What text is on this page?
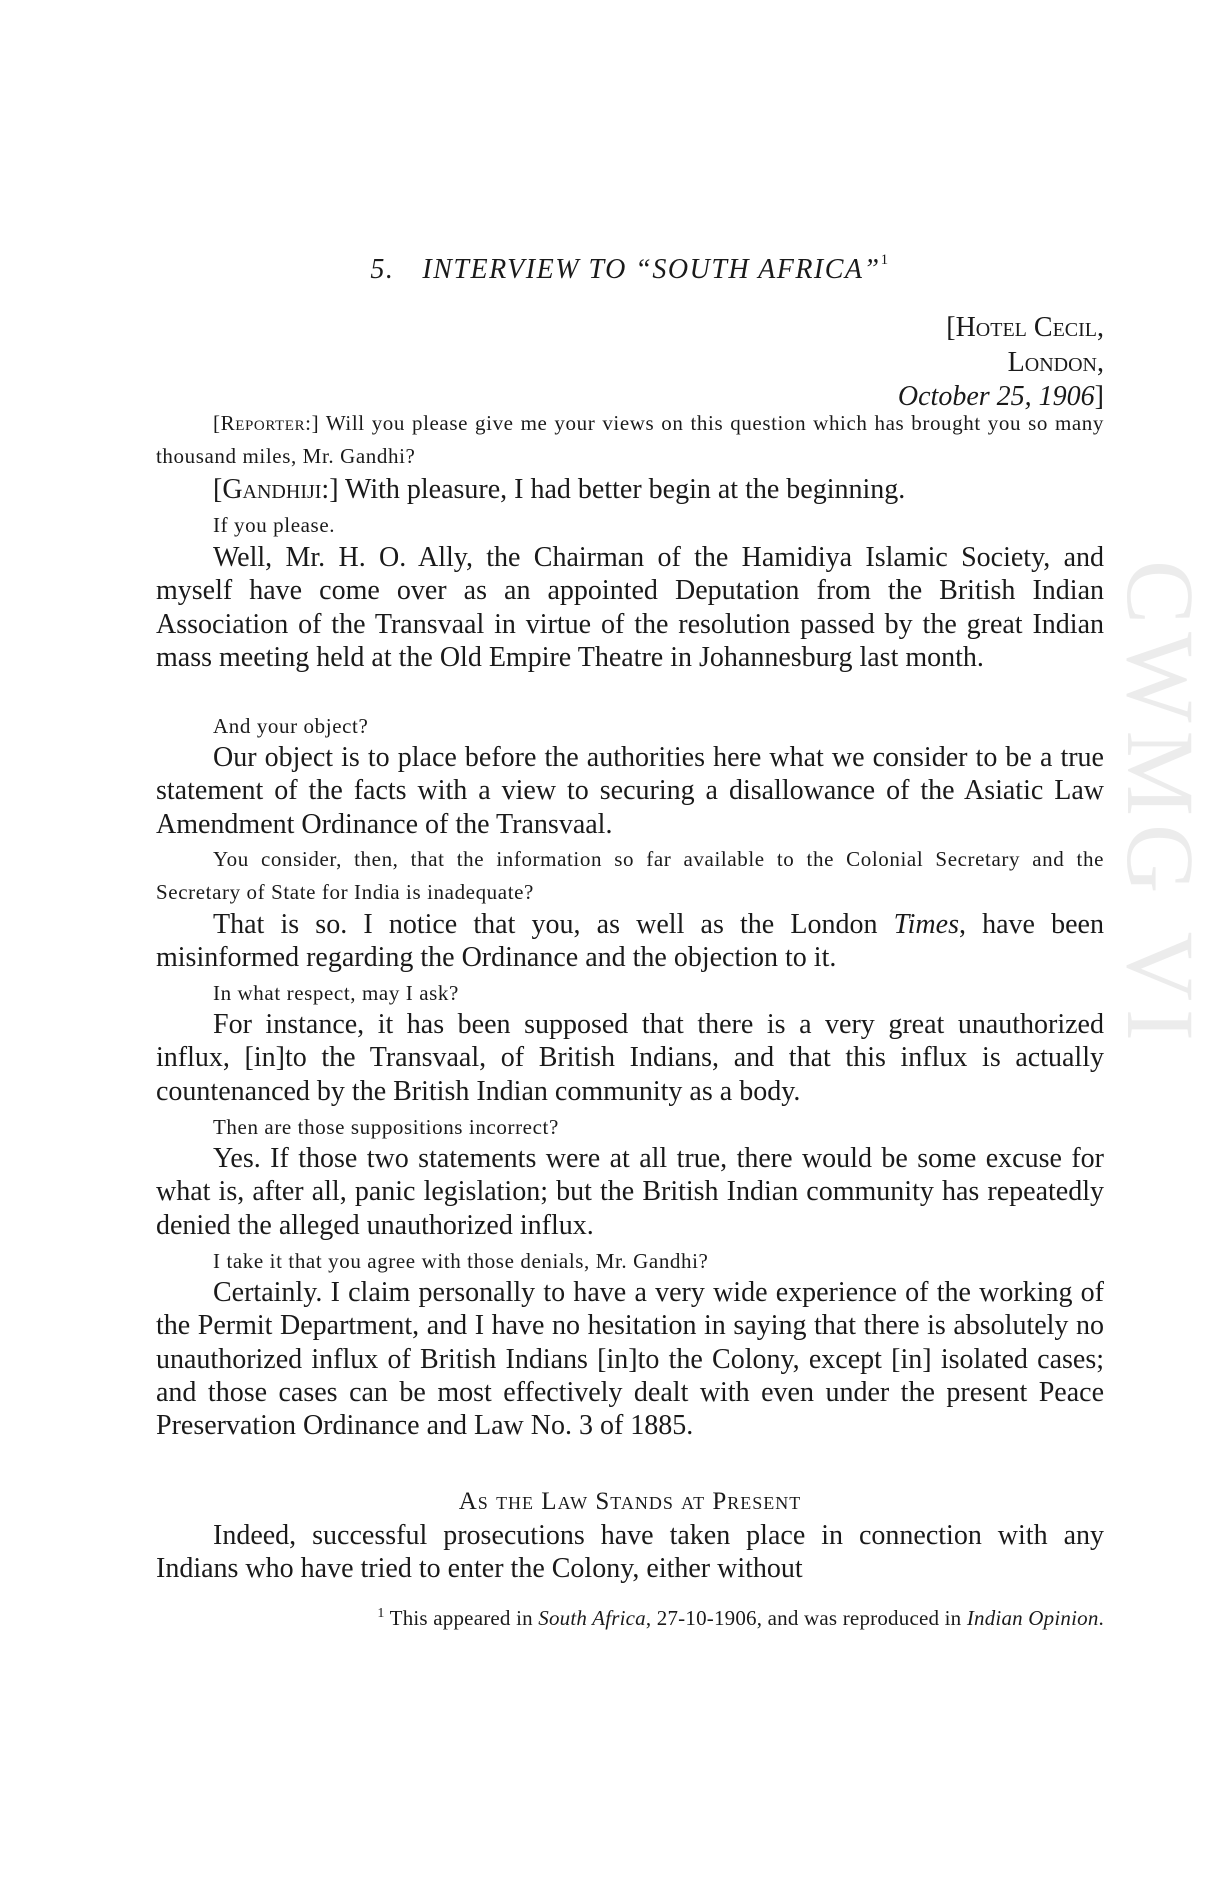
CWMG VI
5. INTERVIEW TO “SOUTH AFRICA”$^1$
[Hotel Cecil,
London,
October 25, 1906]

[Reporter:] Will you please give me your views on this question which has brought you so many thousand miles, Mr. Gandhi?

[Gandhiji:] With pleasure, I had better begin at the beginning.

If you please.

Well, Mr. H. O. Ally, the Chairman of the Hamidiya Islamic Society, and myself have come over as an appointed Deputation from the British Indian Association of the Transvaal in virtue of the resolution passed by the great Indian mass meeting held at the Old Empire Theatre in Johannesburg last month.

And your object?

Our object is to place before the authorities here what we consider to be a true statement of the facts with a view to securing a disallowance of the Asiatic Law Amendment Ordinance of the Transvaal.

You consider, then, that the information so far available to the Colonial Secretary and the Secretary of State for India is inadequate?

That is so. I notice that you, as well as the London Times, have been misinformed regarding the Ordinance and the objection to it.

In what respect, may I ask?

For instance, it has been supposed that there is a very great unauthorized influx, [in]to the Transvaal, of British Indians, and that this influx is actually countenanced by the British Indian community as a body.

Then are those suppositions incorrect?

Yes. If those two statements were at all true, there would be some excuse for what is, after all, panic legislation; but the British Indian community has repeatedly denied the alleged unauthorized influx.

I take it that you agree with those denials, Mr. Gandhi?

Certainly. I claim personally to have a very wide experience of the working of the Permit Department, and I have no hesitation in saying that there is absolutely no unauthorized influx of British Indians [in]to the Colony, except [in] isolated cases; and those cases can be most effectively dealt with even under the present Peace Preservation Ordinance and Law No. 3 of 1885.

As the Law Stands at Present

Indeed, successful prosecutions have taken place in connection with any Indians who have tried to enter the Colony, either without

$^1$ This appeared in South Africa, 27-10-1906, and was reproduced in Indian Opinion.
